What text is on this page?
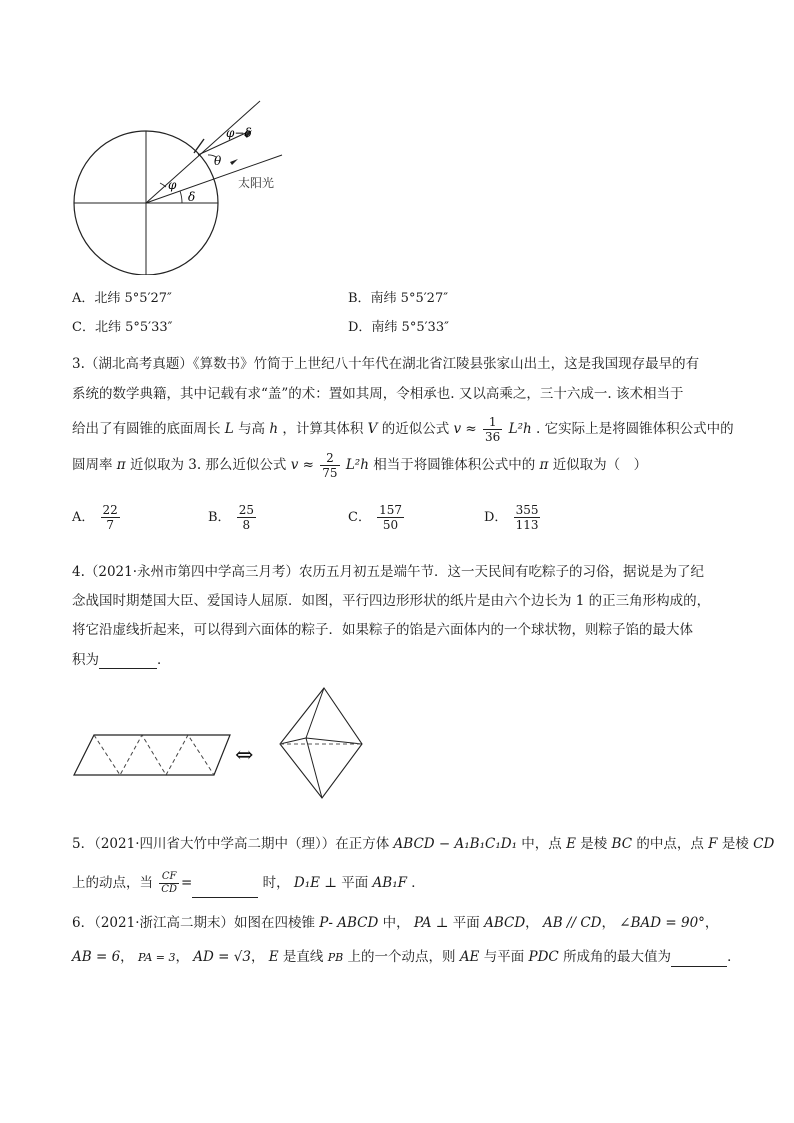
φ−δ
θ
φ
δ
太阳光
A．北纬 5°5′27″	B．南纬 5°5′27″
C．北纬 5°5′33″	D．南纬 5°5′33″
3.（湖北高考真题）《算数书》竹简于上世纪八十年代在湖北省江陵县张家山出土，这是我国现存最早的有
系统的数学典籍，其中记载有求“盖”的术：置如其周，令相承也. 又以高乘之，三十六成一. 该术相当于
给出了有圆锥的底面周长 L 与高 h ，计算其体积 V 的近似公式 $v \approx \frac{1}{36} L^2h$ . 它实际上是将圆锥体积公式中的
圆周率 π 近似取为 3. 那么近似公式 $v \approx \frac{2}{75} L^2h$ 相当于将圆锥体积公式中的 π 近似取为（　）
A． $\frac{22}{7}$	B． $\frac{25}{8}$	C． $\frac{157}{50}$	D． $\frac{355}{113}$
4.（2021·永州市第四中学高三月考）农历五月初五是端午节．这一天民间有吃粽子的习俗，据说是为了纪
念战国时期楚国大臣、爱国诗人屈原．如图，平行四边形形状的纸片是由六个边长为 1 的正三角形构成的，
将它沿虚线折起来，可以得到六面体的粽子．如果粽子的馅是六面体内的一个球状物，则粽子馅的最大体
积为	．
⇔
5．（2021·四川省大竹中学高二期中（理））在正方体 ABCD − A₁B₁C₁D₁ 中，点 E 是棱 BC 的中点，点 F 是棱 CD
上的动点，当 $\frac{CF}{CD}$ =	时， D₁E ⊥ 平面 AB₁F ．
6．（2021·浙江高二期末）如图在四棱锥 P‑ ABCD 中， PA ⊥ 平面 ABCD， AB // CD， ∠BAD = 90°，
AB = 6， PA = 3， AD = √3， E 是直线 PB 上的一个动点，则 AE 与平面 PDC 所成角的最大值为	．
